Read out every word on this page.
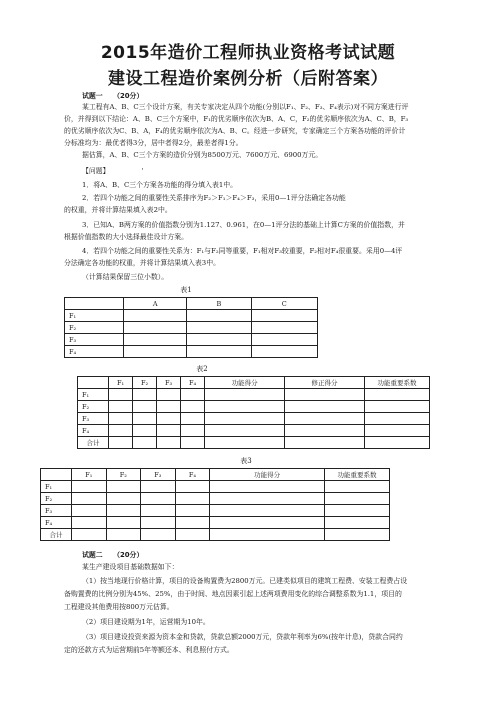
2015年造价工程师执业资格考试试题
建设工程造价案例分析（后附答案）
试题一 （20分）
某工程有A、B、C三个设计方案，有关专家决定从四个功能(分别以F₁、F₂、F₃、F₄表示)对不同方案进行评
价，并得到以下结论：A、B、C三个方案中，F₁的优劣顺序依次为B、A、C，F₂的优劣顺序依次为A、C、B，F₃
的优劣顺序依次为C、B、A，F₄的优劣顺序依次为A、B、C。经进一步研究，专家确定三个方案各功能的评价计
分标准均为：最优者得3分，居中者得2分，最差者得1分。
据估算，A、B、C三个方案的造价分别为8500万元、7600万元、6900万元。
【问题】	'
1．将A、B、C三个方案各功能的得分填入表1中。
2．若四个功能之间的重要性关系排序为F₂＞F₁＞F₄＞F₃，采用0—1评分法确定各功能
的权重，并将计算结果填入表2中。
3．已知A、B两方案的价值指数分别为1.127、0.961，在0—1评分法的基础上计算C方案的价值指数，并
根据价值指数的大小选择最佳设计方案。
4．若四个功能之间的重要性关系为：F₁与F₂同等重要，F₁相对F₃较重要，F₂相对F₄很重要。采用0—4评
分法确定各功能的权重，并将计算结果填入表3中。
（计算结果保留三位小数）。
表1
	A	B	C
F₁			
F₂			
F₃			
F₄			
表2
	F₁	F₂	F₃	F₄	功能得分	修正得分	功能重要系数
F₁							
F₂							
F₃							
F₄							
合计							
表3
	F₁	F₂	F₃	F₄	功能得分	功能重要系数
F₁						
F₂						
F₃						
F₄						
合计						
试题二 （20分）
某生产建设项目基础数据如下：
（1）按当地现行价格计算，项目的设备购置费为2800万元。已建类似项目的建筑工程费、安装工程费占设
备购置费的比例分别为45%、25%，由于时间、地点因素引起上述两项费用变化的综合调整系数为1.1，项目的
工程建设其他费用按800万元估算。
（2）项目建设期为1年，运营期为10年。
（3）项目建设投资来源为资本金和贷款，贷款总额2000万元，贷款年利率为6%(按年计息)，贷款合同约
定的还款方式为运营期前5年等额还本、利息照付方式。
